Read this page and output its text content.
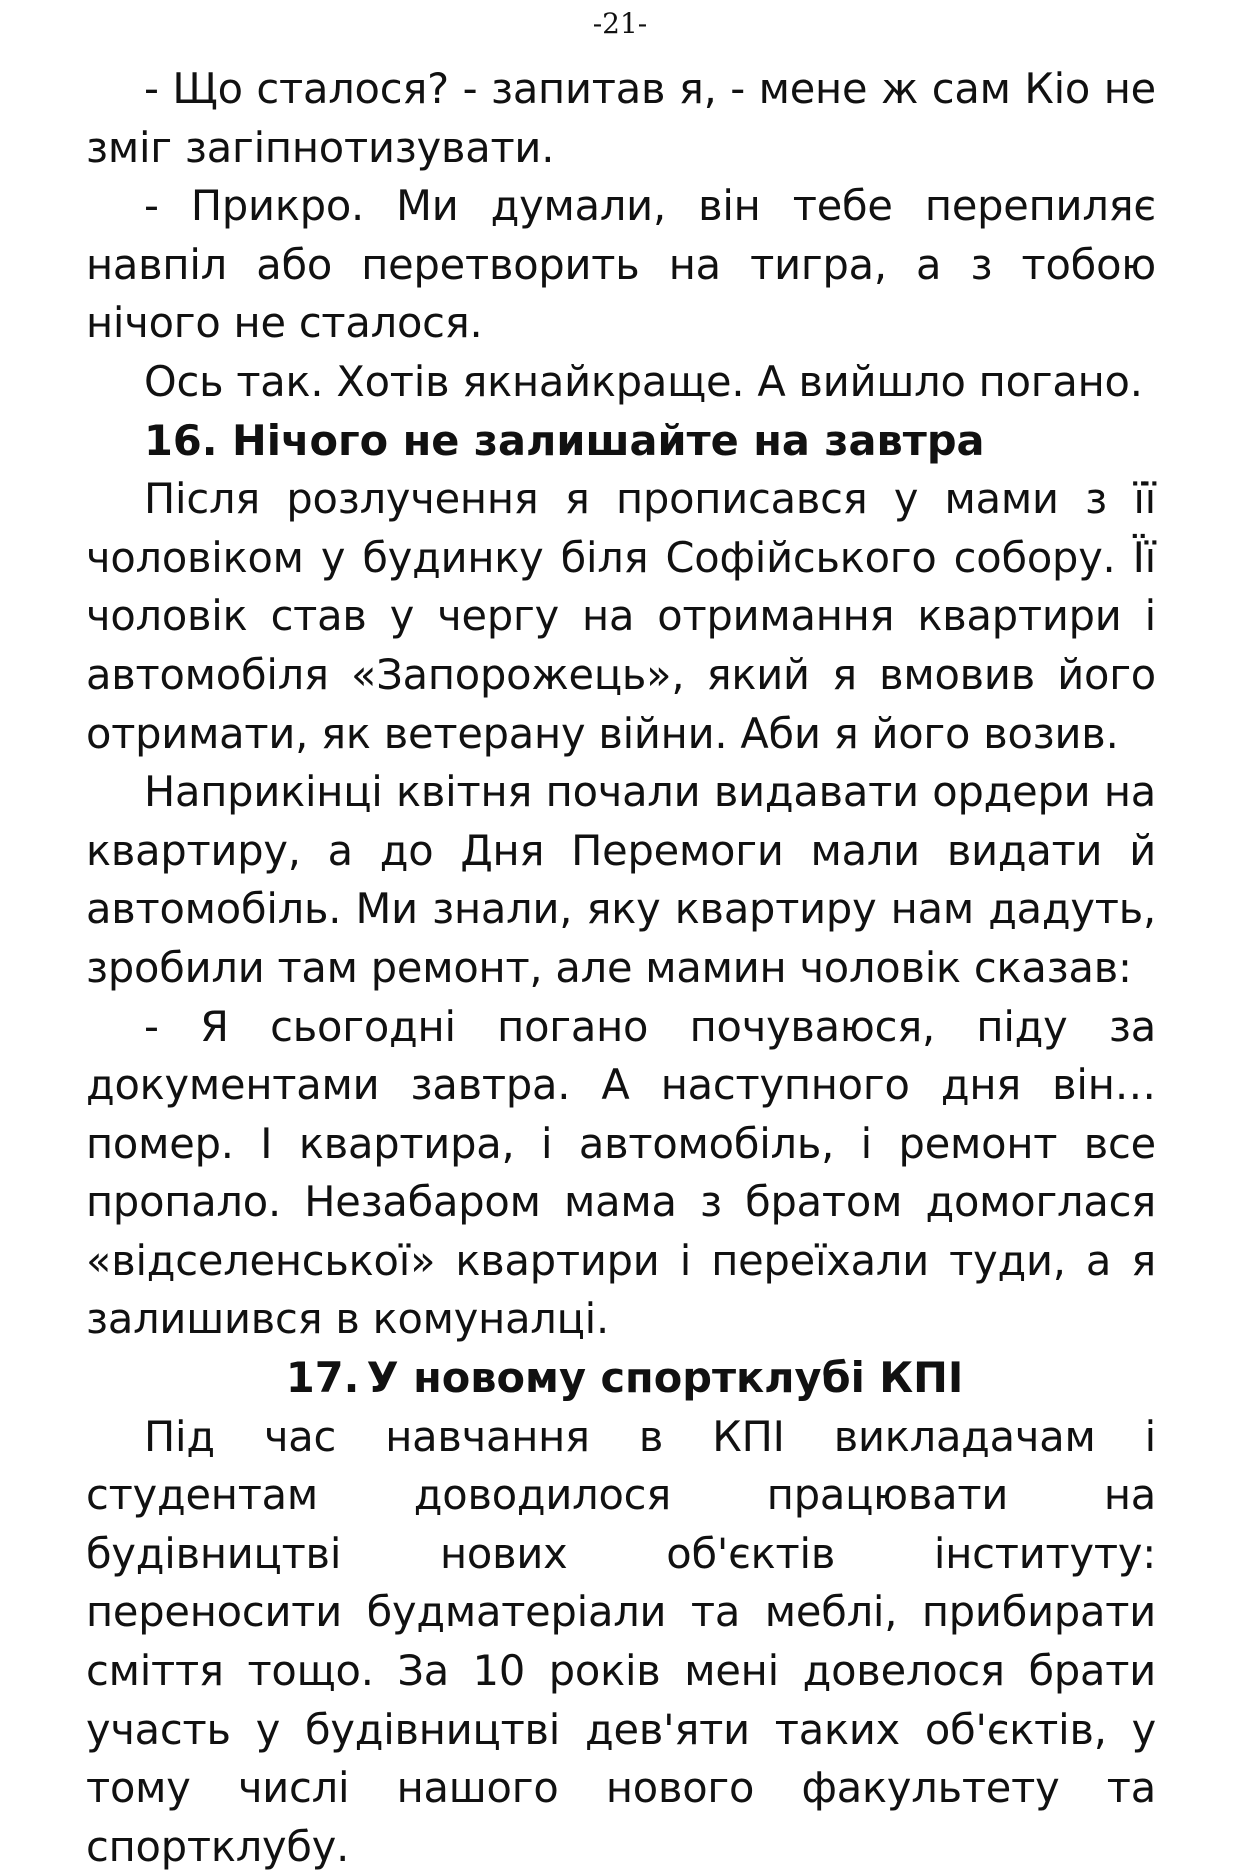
-21-

- Що сталося? - запитав я, - мене ж сам Кіо не зміг загіпнотизувати.

- Прикро. Ми думали, він тебе перепиляє навпіл або перетворить на тигра, а з тобою нічого не сталося.

Ось так. Хотів якнайкраще. А вийшло погано.

16. Нічого не залишайте на завтра

Після розлучення я прописався у мами з її чоловіком у будинку біля Софійського собору. Її чоловік став у чергу на отримання квартири і автомобіля «Запорожець», який я вмовив його отримати, як ветерану війни. Аби я його возив.

Наприкінці квітня почали видавати ордери на квартиру, а до Дня Перемоги мали видати й автомобіль. Ми знали, яку квартиру нам дадуть, зробили там ремонт, але мамин чоловік сказав:

- Я сьогодні погано почуваюся, піду за документами завтра. А наступного дня він… помер. І квартира, і автомобіль, і ремонт все пропало. Незабаром мама з братом домоглася «відселенської» квартири і переїхали туди, а я залишився в комуналці.

17. У новому спортклубі КПІ

Під час навчання в КПІ викладачам і студентам доводилося працювати на будівництві нових об'єктів інституту: переносити будматеріали та меблі, прибирати сміття тощо. За 10 років мені довелося брати участь у будівництві дев'яти таких об'єктів, у тому числі нашого нового факультету та спортклубу.
